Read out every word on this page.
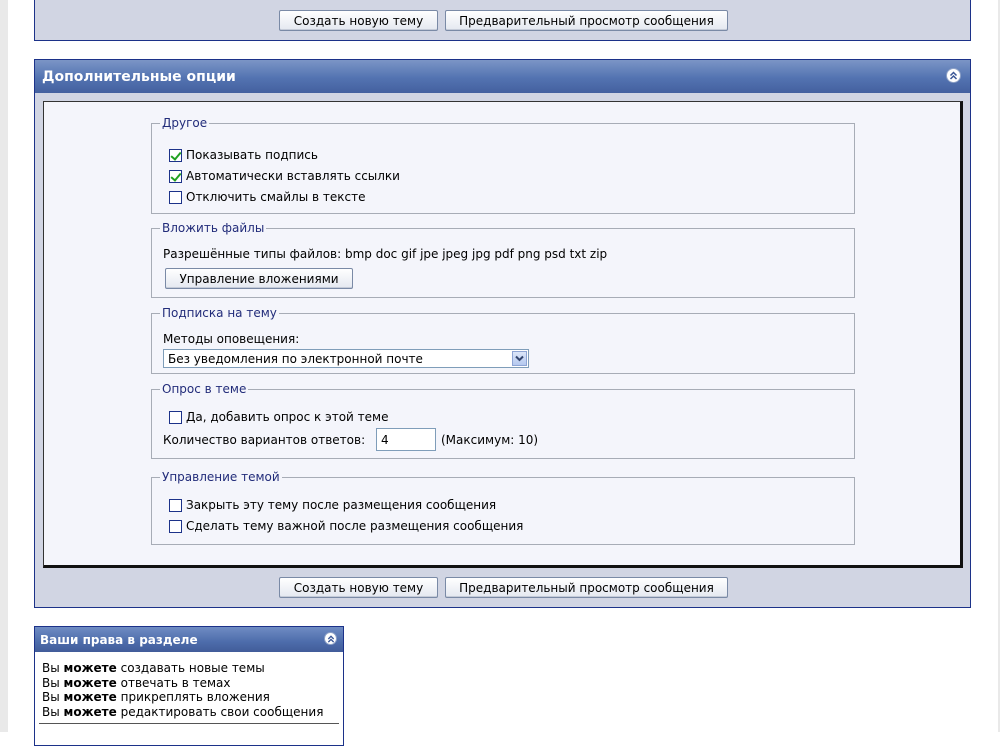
Создать новую тему	Предварительный просмотр сообщения
Дополнительные опции
Другое
Показывать подпись
Автоматически вставлять ссылки
Отключить смайлы в тексте
Вложить файлы
Разрешённые типы файлов: bmp doc gif jpe jpeg jpg pdf png psd txt zip
Управление вложениями
Подписка на тему
Методы оповещения:
Без уведомления по электронной почте
Опрос в теме
Да, добавить опрос к этой теме
Количество вариантов ответов: 4	(Максимум: 10)
Управление темой
Закрыть эту тему после размещения сообщения
Сделать тему важной после размещения сообщения
Создать новую тему	Предварительный просмотр сообщения
Ваши права в разделе
Вы можете создавать новые темы
Вы можете отвечать в темах
Вы можете прикреплять вложения
Вы можете редактировать свои сообщения
